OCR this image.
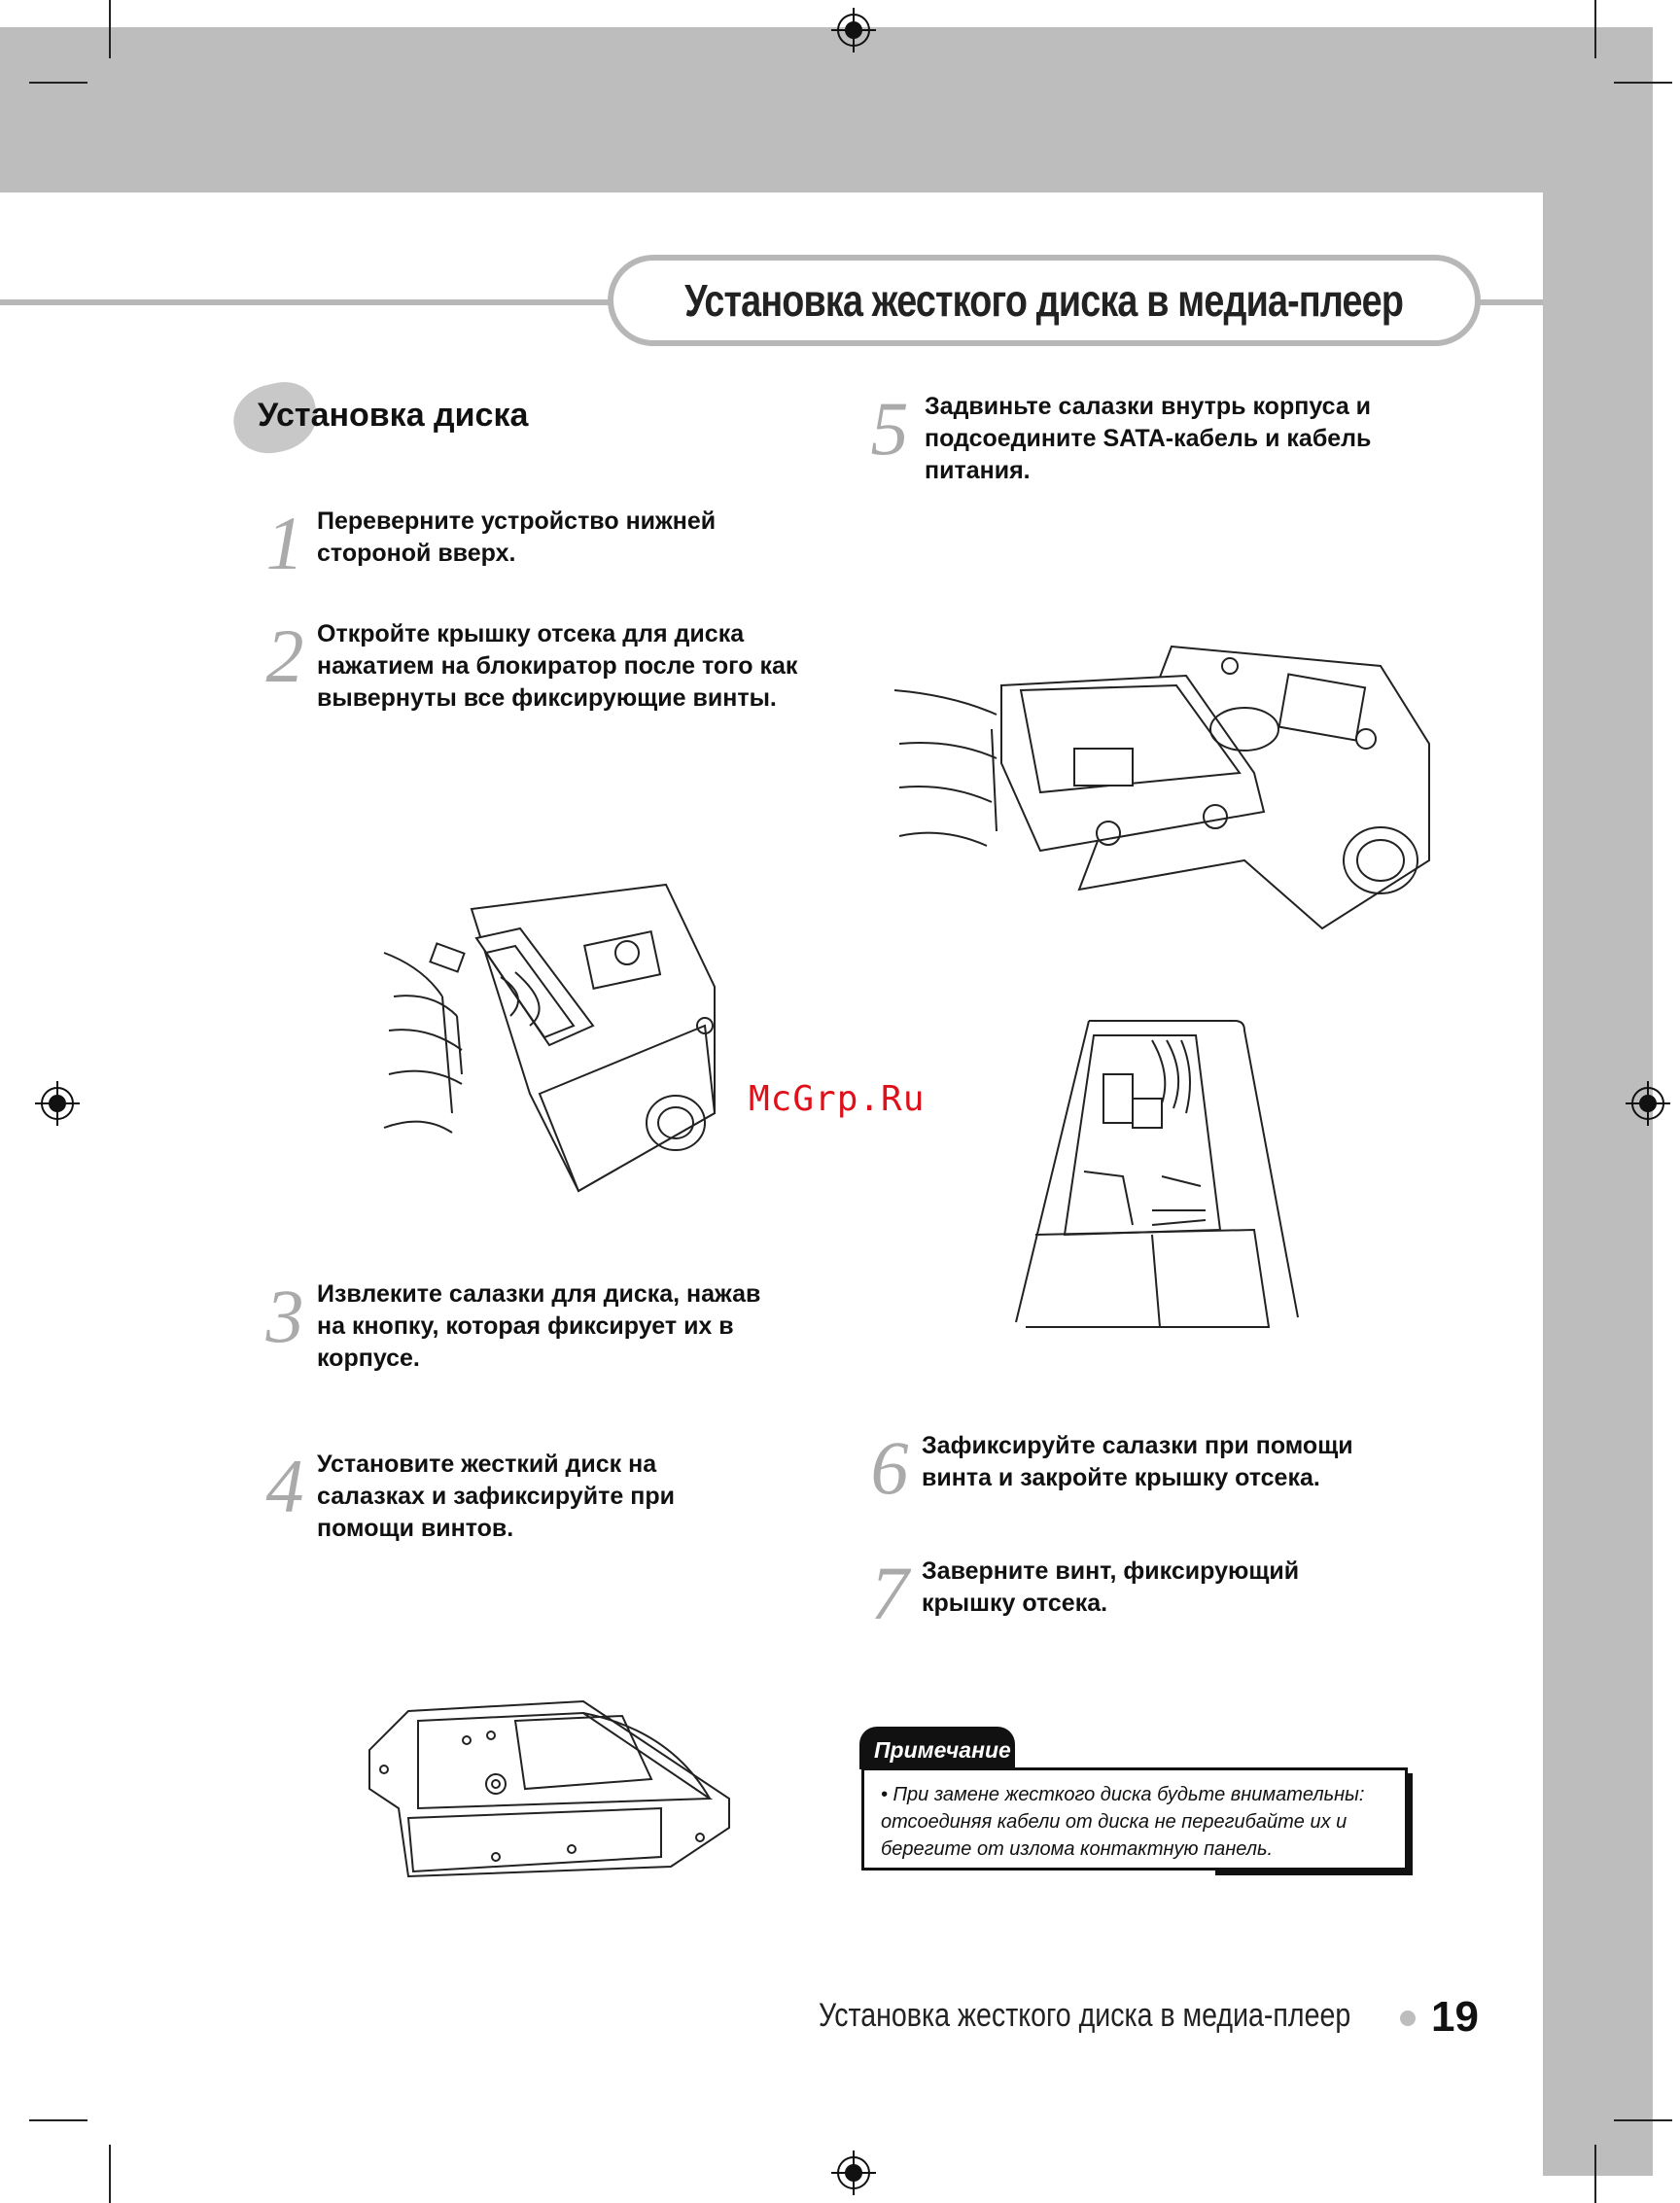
Установка жесткого диска в медиа-плеер
Установка диска
1 Переверните устройство нижней стороной вверх.
2 Откройте крышку отсека для диска нажатием на блокиратор после того как вывернуты все фиксирующие винты.
3 Извлеките салазки для диска, нажав на кнопку, которая фиксирует их в корпусе.
4 Установите жесткий диск на салазках и зафиксируйте при помощи винтов.
5 Задвиньте салазки внутрь корпуса и подсоедините SATA-кабель и кабель питания.
6 Зафиксируйте салазки при помощи винта и закройте крышку отсека.
7 Заверните винт, фиксирующий крышку отсека.
McGrp.Ru
Примечание
• При замене жесткого диска будьте внимательны: отсоединяя кабели от диска не перегибайте их и берегите от излома контактную панель.
Установка жесткого диска в медиа-плеер 19
